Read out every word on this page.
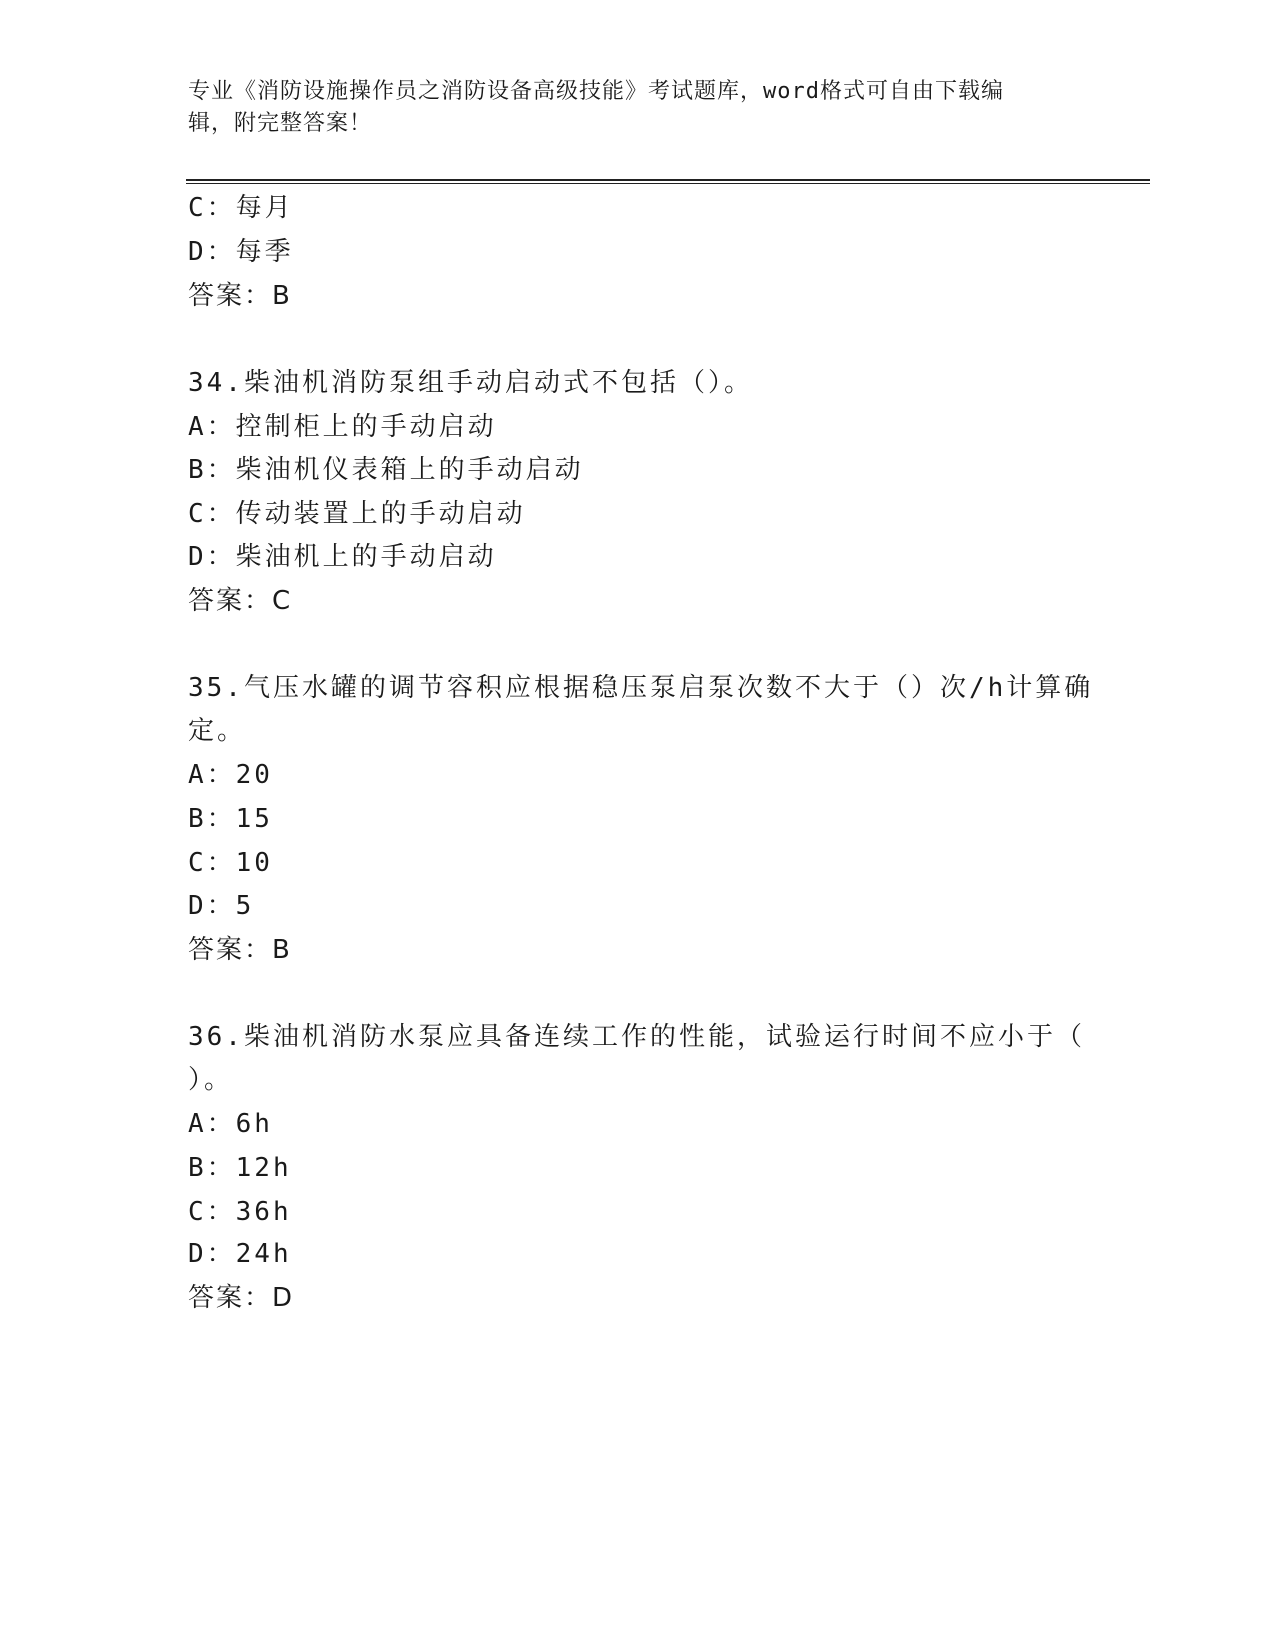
专业《消防设施操作员之消防设备高级技能》考试题库，word格式可自由下载编
辑，附完整答案！
C：每月
D：每季
答案：B
34.柴油机消防泵组手动启动式不包括（）。
A：控制柜上的手动启动
B：柴油机仪表箱上的手动启动
C：传动装置上的手动启动
D：柴油机上的手动启动
答案：C
35.气压水罐的调节容积应根据稳压泵启泵次数不大于（）次/h计算确
定。
A：20
B：15
C：10
D：5
答案：B
36.柴油机消防水泵应具备连续工作的性能，试验运行时间不应小于（
）。
A：6h
B：12h
C：36h
D：24h
答案：D
